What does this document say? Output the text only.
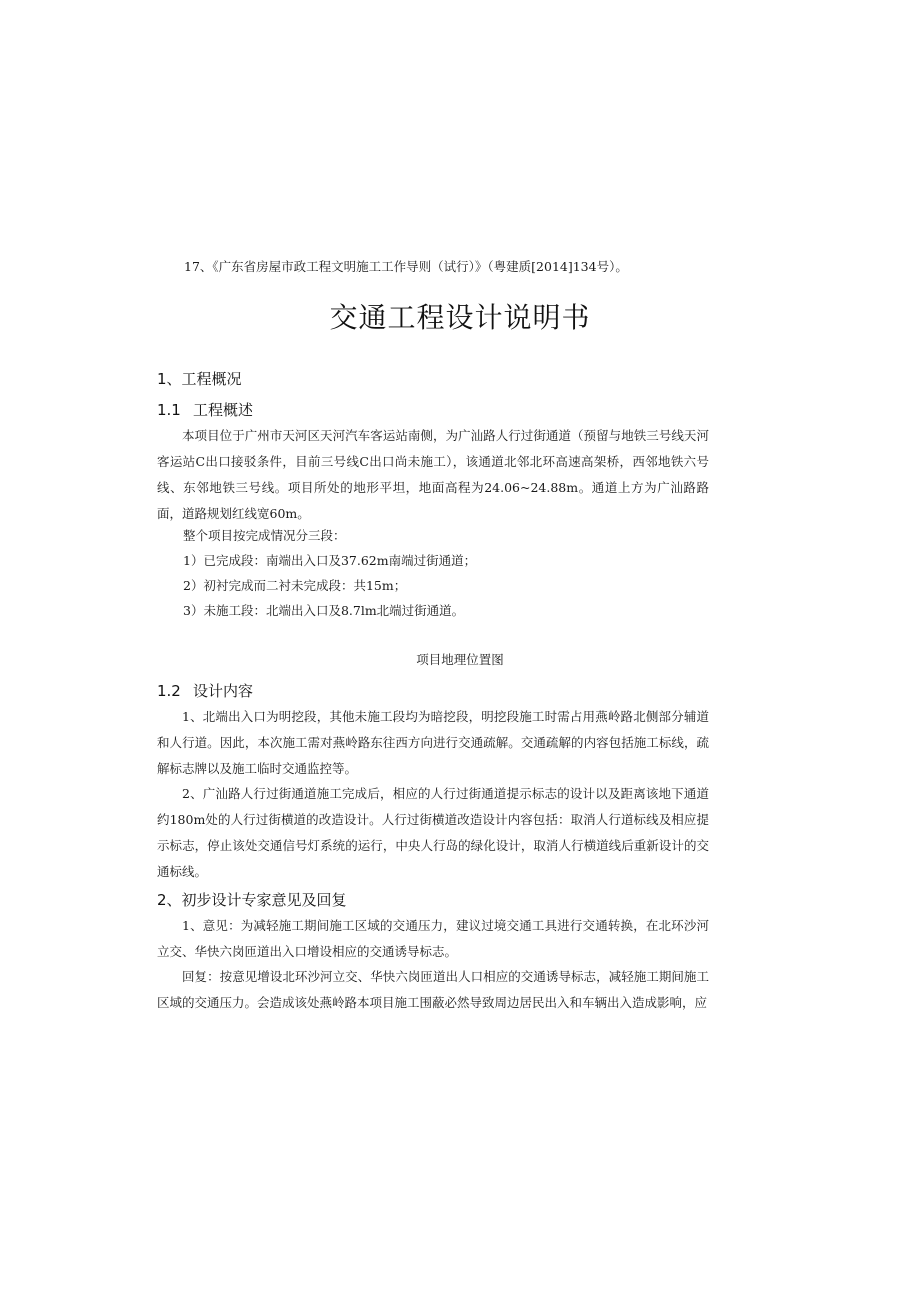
17、《广东省房屋市政工程文明施工工作导则（试行）》（粤建质[2014]134号）。
交通工程设计说明书
1、工程概况
1.1 工程概述
本项目位于广州市天河区天河汽车客运站南侧，为广汕路人行过街通道（预留与地铁三号线天河客运站C出口接驳条件，目前三号线C出口尚未施工），该通道北邻北环高速高架桥，西邻地铁六号线、东邻地铁三号线。项目所处的地形平坦，地面高程为24.06~24.88m。通道上方为广汕路路面，道路规划红线宽60m。
整个项目按完成情况分三段：
1）已完成段：南端出入口及37.62m南端过街通道；
2）初衬完成而二衬未完成段：共15m；
3）未施工段：北端出入口及8.7lm北端过街通道。
项目地理位置图
1.2 设计内容
1、北端出入口为明挖段，其他未施工段均为暗挖段，明挖段施工时需占用燕岭路北侧部分辅道和人行道。因此，本次施工需对燕岭路东往西方向进行交通疏解。交通疏解的内容包括施工标线，疏解标志牌以及施工临时交通监控等。
2、广汕路人行过街通道施工完成后，相应的人行过街通道提示标志的设计以及距离该地下通道约180m处的人行过街横道的改造设计。人行过街横道改造设计内容包括：取消人行道标线及相应提示标志，停止该处交通信号灯系统的运行，中央人行岛的绿化设计，取消人行横道线后重新设计的交通标线。
2、初步设计专家意见及回复
1、意见：为减轻施工期间施工区域的交通压力，建议过境交通工具进行交通转换，在北环沙河立交、华快六岗匝道出入口增设相应的交通诱导标志。
回复：按意见增设北环沙河立交、华快六岗匝道出人口相应的交通诱导标志，减轻施工期间施工区域的交通压力。会造成该处燕岭路本项目施工围蔽必然导致周边居民出入和车辆出入造成影响，应
